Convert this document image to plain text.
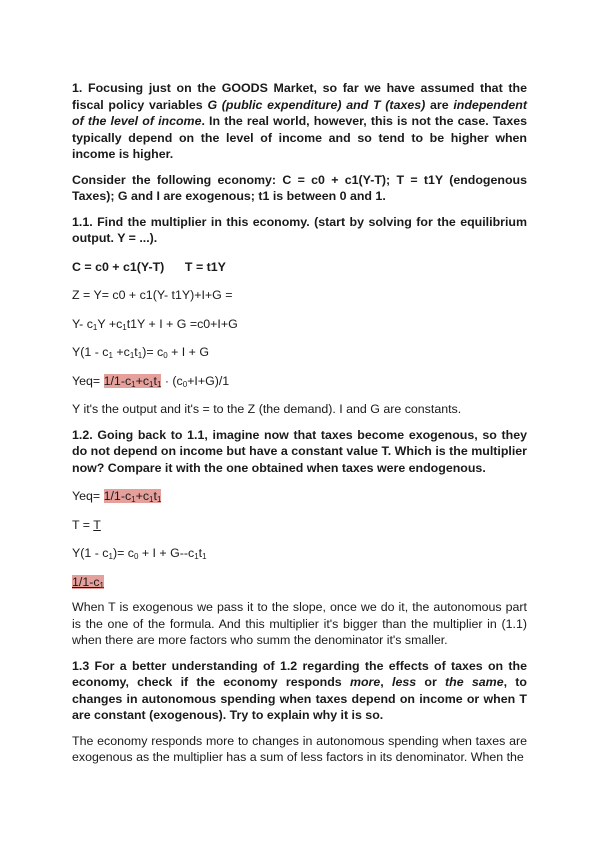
1. Focusing just on the GOODS Market, so far we have assumed that the fiscal policy variables G (public expenditure) and T (taxes) are independent of the level of income. In the real world, however, this is not the case. Taxes typically depend on the level of income and so tend to be higher when income is higher.

Consider the following economy: C = c0 + c1(Y-T); T = t1Y (endogenous Taxes); G and I are exogenous; t1 is between 0 and 1.

1.1. Find the multiplier in this economy. (start by solving for the equilibrium output. Y = ...).

C = c0 + c1(Y-T)      T = t1Y

Z = Y= c0 + c1(Y- t1Y)+I+G =

Y- $c_1Y +c_1t1Y + I + G =c0+I+G$

$Y(1 - c_1 +c_1t_1)= c_0 + I + G$

$Yeq= 1/1-c_1+c_1t_1 \cdot (c_0+I+G)/1$

Y it's the output and it's = to the Z (the demand). I and G are constants.

1.2. Going back to 1.1, imagine now that taxes become exogenous, so they do not depend on income but have a constant value T. Which is the multiplier now? Compare it with the one obtained when taxes were endogenous.

$Yeq= 1/1-c_1+c_1t_1$

T = T

$Y(1 - c_1)= c_0 + I + G--c_1t_1$

$1/1-c_1$

When T is exogenous we pass it to the slope, once we do it, the autonomous part is the one of the formula. And this multiplier it's bigger than the multiplier in (1.1) when there are more factors who summ the denominator it's smaller.

1.3 For a better understanding of 1.2 regarding the effects of taxes on the economy, check if the economy responds more, less or the same, to changes in autonomous spending when taxes depend on income or when T are constant (exogenous). Try to explain why it is so.

The economy responds more to changes in autonomous spending when taxes are exogenous as the multiplier has a sum of less factors in its denominator. When the
